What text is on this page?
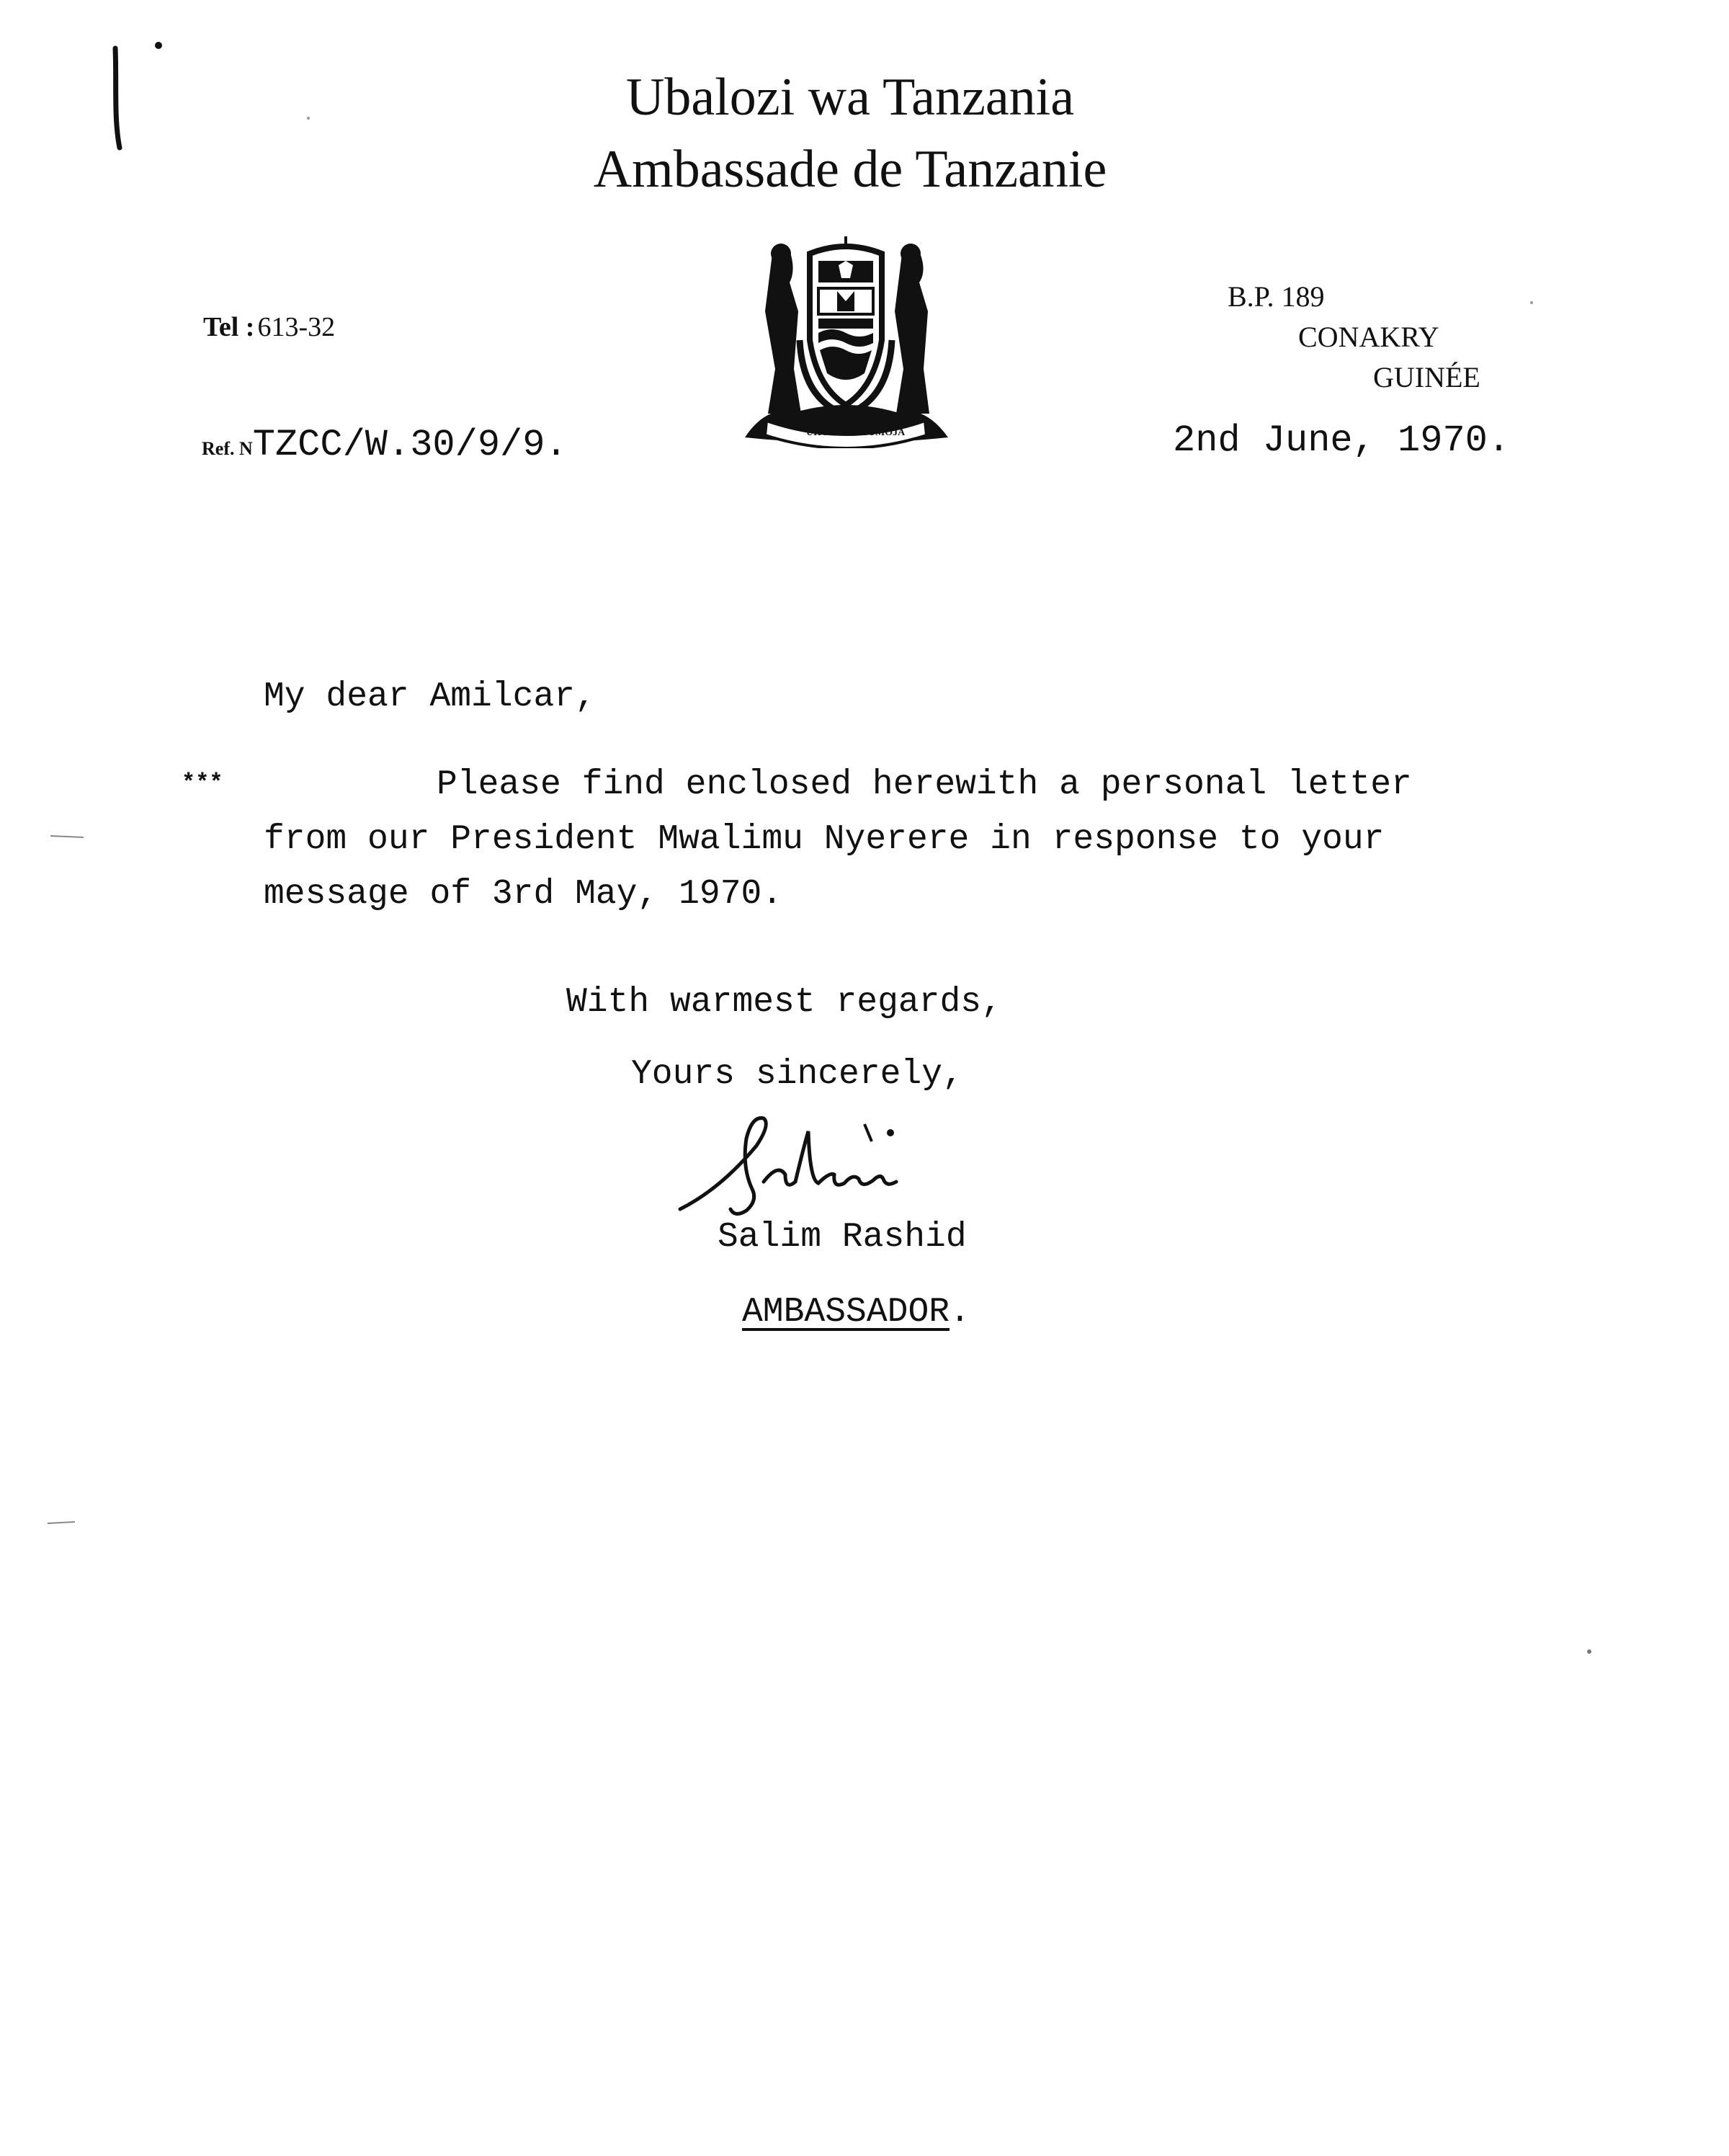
Ubalozi wa Tanzania
Ambassade de Tanzanie
Tel : 613-32
UHURU NA UMOJA
B.P. 189
CONAKRY
GUINÉE
Ref. NTZCC/W.30/9/9.	2nd June, 1970.
My dear Amilcar,
***	Please find enclosed herewith a personal letter
from our President Mwalimu Nyerere in response to your
message of 3rd May, 1970.
With warmest regards,
Yours sincerely,
Salim Rashid
AMBASSADOR.
